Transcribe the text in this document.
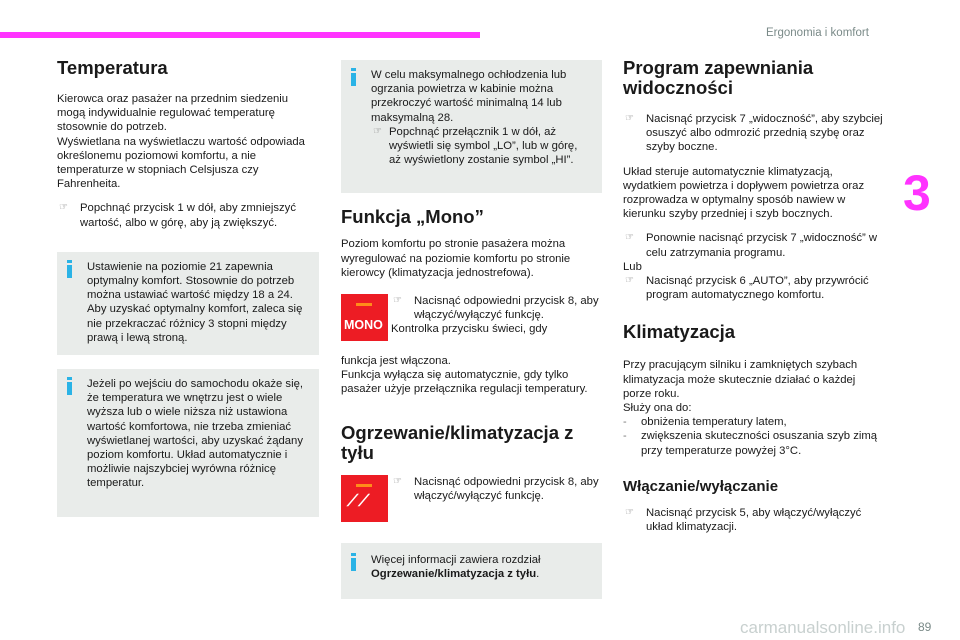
Ergonomia i komfort
3
Temperatura

Kierowca oraz pasażer na przednim siedzeniu mogą indywidualnie regulować temperaturę stosownie do potrzeb.
Wyświetlana na wyświetlaczu wartość odpowiada określonemu poziomowi komfortu, a nie temperaturze w stopniach Celsjusza czy Fahrenheita.

☞ Popchnąć przycisk 1 w dół, aby zmniejszyć wartość, albo w górę, aby ją zwiększyć.

Ustawienie na poziomie 21 zapewnia optymalny komfort. Stosownie do potrzeb można ustawiać wartość między 18 a 24. Aby uzyskać optymalny komfort, zaleca się nie przekraczać różnicy 3 stopni między prawą i lewą stroną.
Jeżeli po wejściu do samochodu okaże się, że temperatura we wnętrzu jest o wiele wyższa lub o wiele niższa niż ustawiona wartość komfortowa, nie trzeba zmieniać wyświetlanej wartości, aby uzyskać żądany poziom komfortu. Układ automatycznie i możliwie najszybciej wyrówna różnicę temperatur.
W celu maksymalnego ochłodzenia lub ogrzania powietrza w kabinie można przekroczyć wartość minimalną 14 lub maksymalną 28.
☞ Popchnąć przełącznik 1 w dół, aż wyświetli się symbol „LO”, lub w górę, aż wyświetlony zostanie symbol „HI”.
Funkcja „Mono”

Poziom komfortu po stronie pasażera można wyregulować na poziomie komfortu po stronie kierowcy (klimatyzacja jednostrefowa).

MONO
☞ Nacisnąć odpowiedni przycisk 8, aby włączyć/wyłączyć funkcję.
Kontrolka przycisku świeci, gdy

funkcja jest włączona.
Funkcja wyłącza się automatycznie, gdy tylko pasażer użyje przełącznika regulacji temperatury.

Ogrzewanie/klimatyzacja z tyłu
⟋⟋
☞ Nacisnąć odpowiedni przycisk 8, aby włączyć/wyłączyć funkcję.
Więcej informacji zawiera rozdział
Ogrzewanie/klimatyzacja z tyłu.
Program zapewniania widoczności

☞ Nacisnąć przycisk 7 „widoczność”, aby szybciej osuszyć albo odmrozić przednią szybę oraz szyby boczne.

Układ steruje automatycznie klimatyzacją, wydatkiem powietrza i dopływem powietrza oraz rozprowadza w optymalny sposób nawiew w kierunku szyby przedniej i szyb bocznych.

☞ Ponownie nacisnąć przycisk 7 „widoczność” w celu zatrzymania programu.
Lub

☞ Nacisnąć przycisk 6 „AUTO”, aby przywrócić program automatycznego komfortu.

Klimatyzacja

Przy pracującym silniku i zamkniętych szybach klimatyzacja może skutecznie działać o każdej porze roku.
Służy ona do:

- obniżenia temperatury latem,

- zwiększenia skuteczności osuszania szyb zimą przy temperaturze powyżej 3°C.

Włączanie/wyłączanie

☞ Nacisnąć przycisk 5, aby włączyć/wyłączyć układ klimatyzacji.

carmanualsonline.info 89
